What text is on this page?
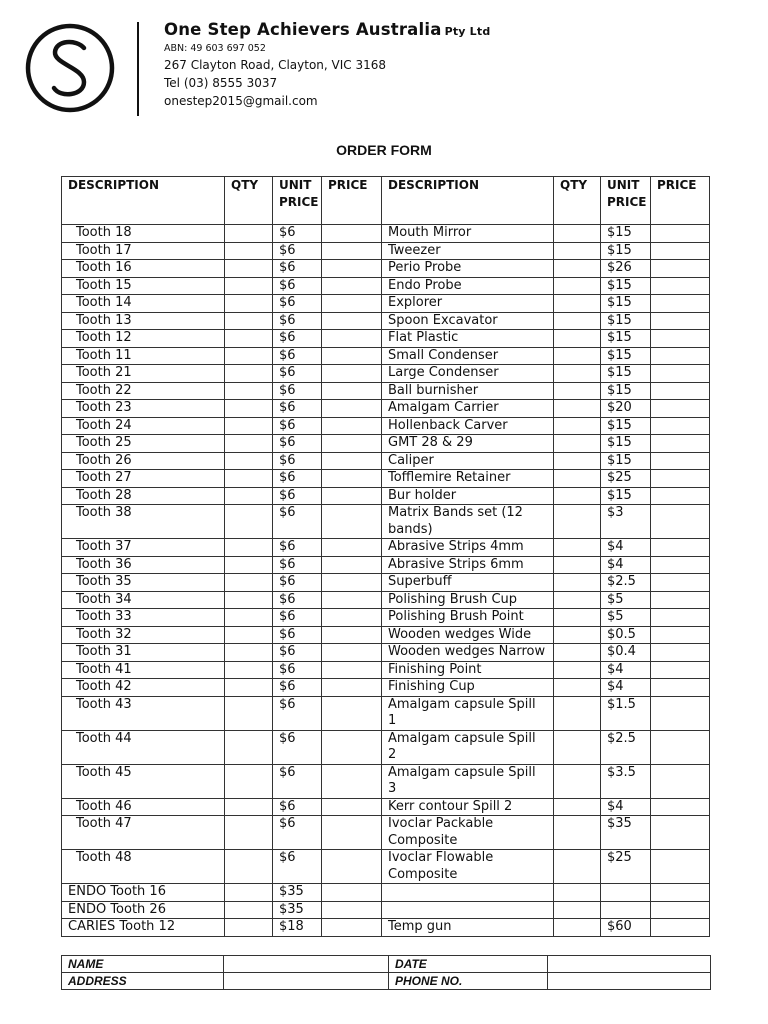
One Step Achievers Australia Pty Ltd
ABN: 49 603 697 052
267 Clayton Road, Clayton, VIC 3168
Tel (03) 8555 3037
onestep2015@gmail.com
ORDER FORM
DESCRIPTION	QTY	UNIT PRICE	PRICE	DESCRIPTION	QTY	UNIT PRICE	PRICE
Tooth 18		$6		Mouth Mirror		$15	
Tooth 17		$6		Tweezer		$15	
Tooth 16		$6		Perio Probe		$26	
Tooth 15		$6		Endo Probe		$15	
Tooth 14		$6		Explorer		$15	
Tooth 13		$6		Spoon Excavator		$15	
Tooth 12		$6		Flat Plastic		$15	
Tooth 11		$6		Small Condenser		$15	
Tooth 21		$6		Large Condenser		$15	
Tooth 22		$6		Ball burnisher		$15	
Tooth 23		$6		Amalgam Carrier		$20	
Tooth 24		$6		Hollenback Carver		$15	
Tooth 25		$6		GMT 28 & 29		$15	
Tooth 26		$6		Caliper		$15	
Tooth 27		$6		Tofflemire Retainer		$25	
Tooth 28		$6		Bur holder		$15	
Tooth 38		$6		Matrix Bands set (12 bands)		$3	
Tooth 37		$6		Abrasive Strips 4mm		$4	
Tooth 36		$6		Abrasive Strips 6mm		$4	
Tooth 35		$6		Superbuff		$2.5	
Tooth 34		$6		Polishing Brush Cup		$5	
Tooth 33		$6		Polishing Brush Point		$5	
Tooth 32		$6		Wooden wedges Wide		$0.5	
Tooth 31		$6		Wooden wedges Narrow		$0.4	
Tooth 41		$6		Finishing Point		$4	
Tooth 42		$6		Finishing Cup		$4	
Tooth 43		$6		Amalgam capsule Spill 1		$1.5	
Tooth 44		$6		Amalgam capsule Spill 2		$2.5	
Tooth 45		$6		Amalgam capsule Spill 3		$3.5	
Tooth 46		$6		Kerr contour Spill 2		$4	
Tooth 47		$6		Ivoclar Packable Composite		$35	
Tooth 48		$6		Ivoclar Flowable Composite		$25	
ENDO Tooth 16		$35					
ENDO Tooth 26		$35					
CARIES Tooth 12		$18		Temp gun		$60	
NAME		DATE	
ADDRESS		PHONE NO.	
